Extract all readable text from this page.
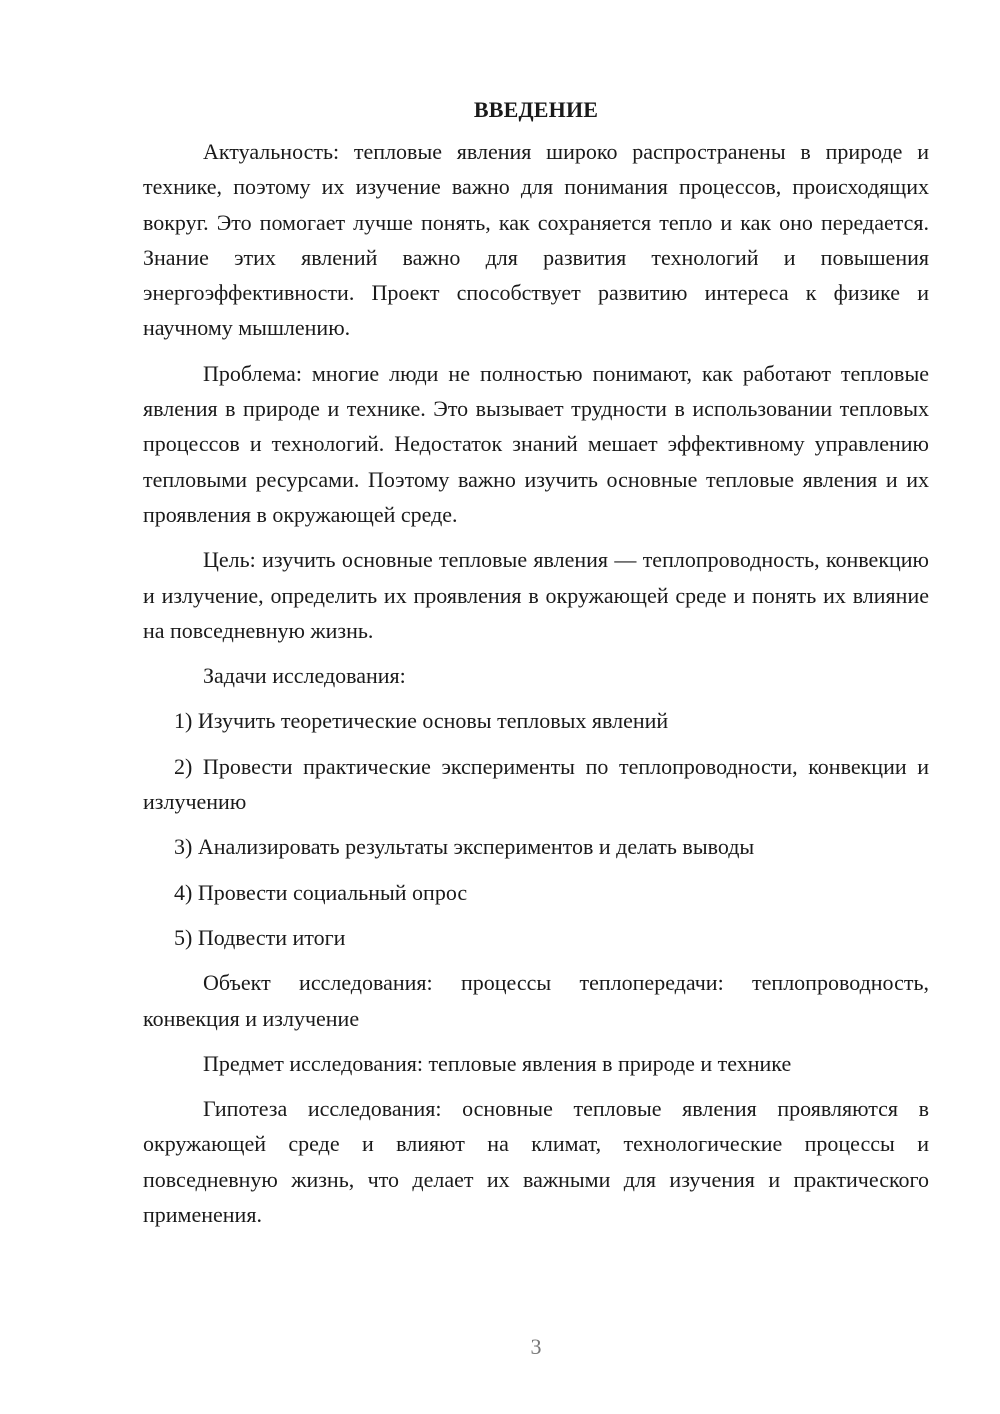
ВВЕДЕНИЕ

Актуальность: тепловые явления широко распространены в природе и технике, поэтому их изучение важно для понимания процессов, происходящих вокруг. Это помогает лучше понять, как сохраняется тепло и как оно передается. Знание этих явлений важно для развития технологий и повышения энергоэффективности. Проект способствует развитию интереса к физике и научному мышлению.

Проблема: многие люди не полностью понимают, как работают тепловые явления в природе и технике. Это вызывает трудности в использовании тепловых процессов и технологий. Недостаток знаний мешает эффективному управлению тепловыми ресурсами. Поэтому важно изучить основные тепловые явления и их проявления в окружающей среде.

Цель: изучить основные тепловые явления — теплопроводность, конвекцию и излучение, определить их проявления в окружающей среде и понять их влияние на повседневную жизнь.

Задачи исследования:

1) Изучить теоретические основы тепловых явлений

2) Провести практические эксперименты по теплопроводности, конвекции и излучению

3) Анализировать результаты экспериментов и делать выводы

4) Провести социальный опрос

5) Подвести итоги

Объект исследования: процессы теплопередачи: теплопроводность, конвекция и излучение

Предмет исследования: тепловые явления в природе и технике

Гипотеза исследования: основные тепловые явления проявляются в окружающей среде и влияют на климат, технологические процессы и повседневную жизнь, что делает их важными для изучения и практического применения.

3
